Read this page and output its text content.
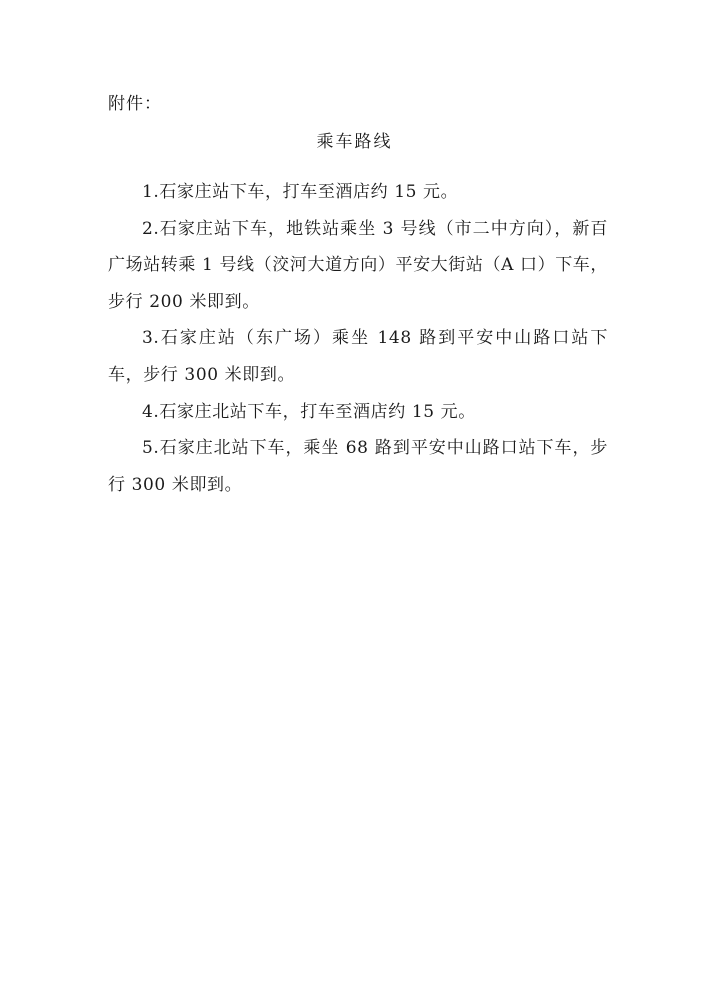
附件：
乘车路线

1.石家庄站下车，打车至酒店约 15 元。

2.石家庄站下车，地铁站乘坐 3 号线（市二中方向），新百广场站转乘 1 号线（洨河大道方向）平安大街站（A 口）下车，步行 200 米即到。

3.石家庄站（东广场）乘坐 148 路到平安中山路口站下车，步行 300 米即到。

4.石家庄北站下车，打车至酒店约 15 元。

5.石家庄北站下车，乘坐 68 路到平安中山路口站下车，步行 300 米即到。
